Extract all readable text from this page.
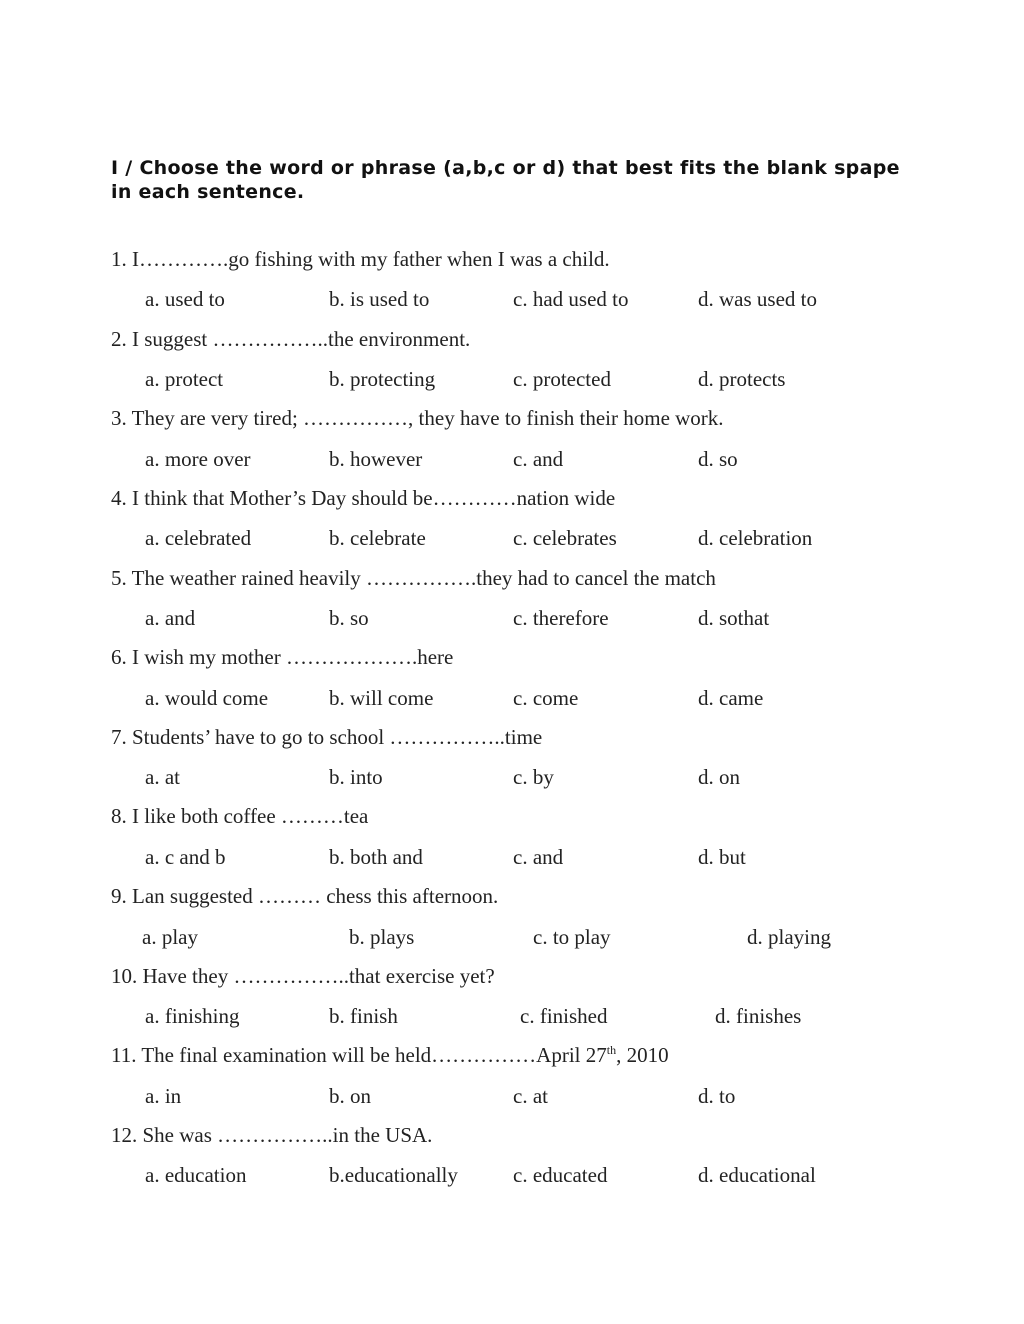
I / Choose the word or phrase (a,b,c or d) that best fits the blank spape in each sentence.
1. I………….go fishing with my father when I was a child.
a. used to	b. is used to	c. had used to	d. was used to
2. I suggest ……………..the environment.
a. protect	b. protecting	c. protected	d. protects
3. They are very tired; ……………, they have to finish their home work.
a. more over	b. however	c. and	d. so
4. I think that Mother’s Day should be…………nation wide
a. celebrated	b. celebrate	c. celebrates	d. celebration
5. The weather rained heavily …………….they had to cancel the match
a. and	b. so	c. therefore	d. sothat
6. I wish my mother ……………….here
a. would come	b. will come	c. come	d. came
7. Students’ have to go to school ……………..time
a. at	b. into	c. by	d. on
8. I like both coffee ………tea
a. c and b	b. both and	c. and	d. but
9. Lan suggested ……… chess this afternoon.
a. play	b. plays	c. to play	d. playing
10. Have they ……………..that exercise yet?
a. finishing	b. finish	c. finished	d. finishes
11. The final examination will be held……………April 27th, 2010
a. in	b. on	c. at	d. to
12. She was ……………..in the USA.
a. education	b.educationally	c. educated	d. educational
